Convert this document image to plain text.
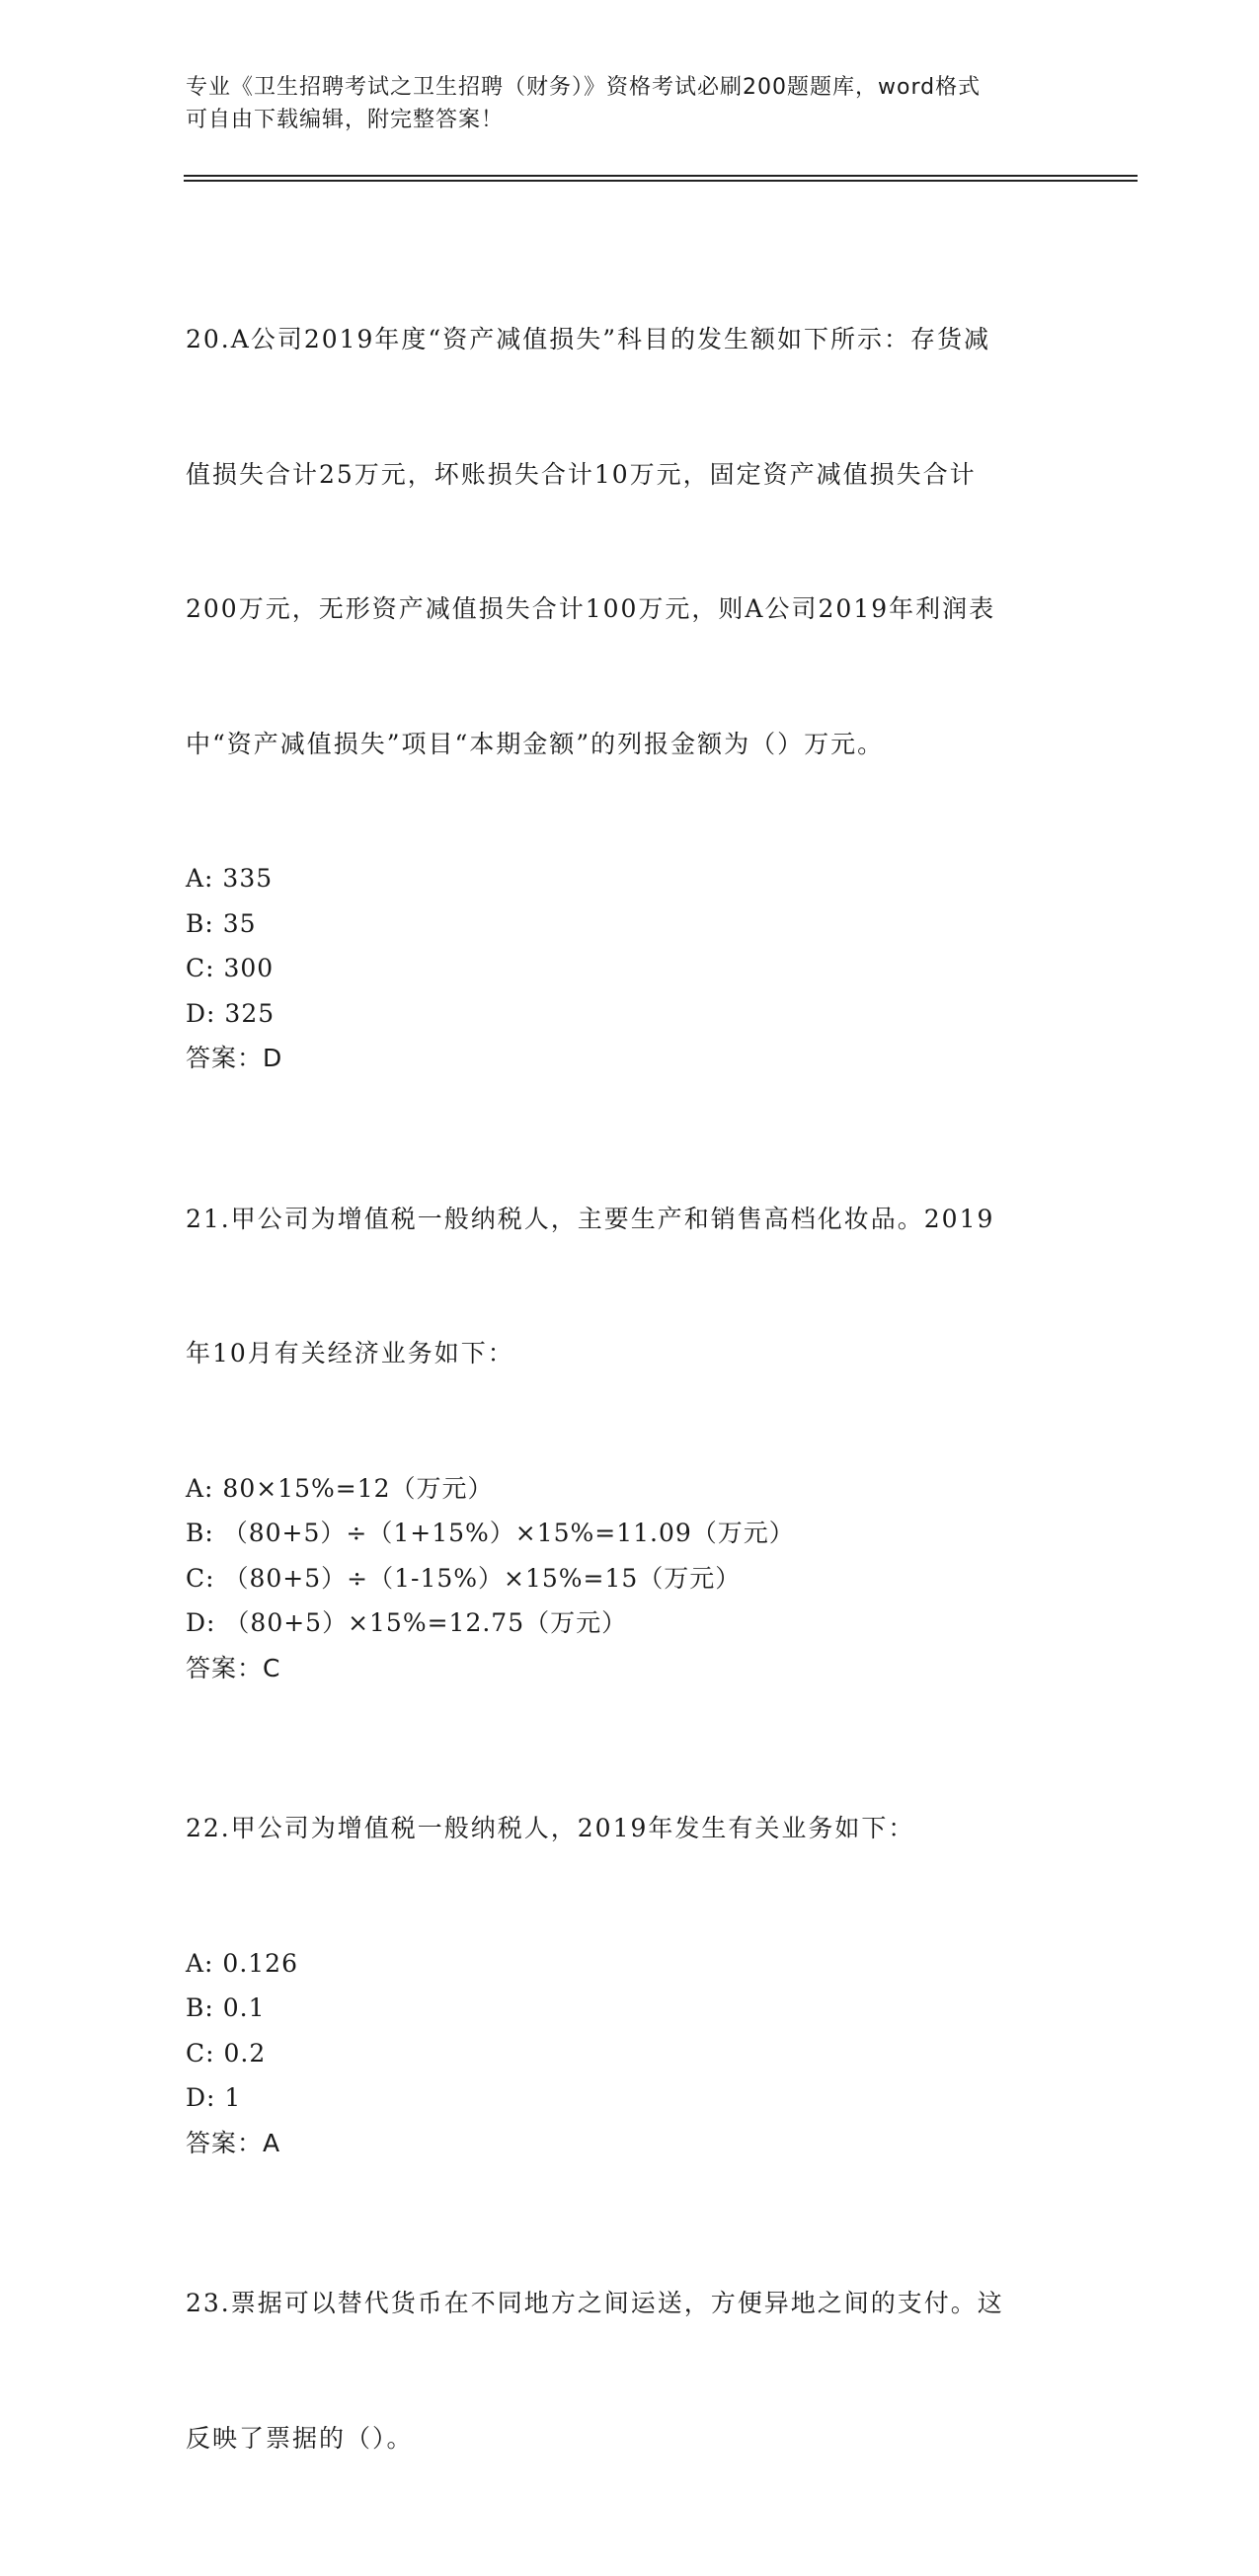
专业《卫生招聘考试之卫生招聘（财务）》资格考试必刷200题题库，word格式
可自由下载编辑，附完整答案！

20.A公司2019年度“资产减值损失”科目的发生额如下所示：存货减

值损失合计25万元，坏账损失合计10万元，固定资产减值损失合计

200万元，无形资产减值损失合计100万元，则A公司2019年利润表

中“资产减值损失”项目“本期金额”的列报金额为（）万元。

A: 335
B: 35
C: 300
D: 325
答案：D

21.甲公司为增值税一般纳税人，主要生产和销售高档化妆品。2019

年10月有关经济业务如下：

A: 80×15%=12（万元）
B: （80+5）÷（1+15%）×15%=11.09（万元）
C: （80+5）÷（1-15%）×15%=15（万元）
D: （80+5）×15%=12.75（万元）
答案：C

22.甲公司为增值税一般纳税人，2019年发生有关业务如下：

A: 0.126
B: 0.1
C: 0.2
D: 1
答案：A

23.票据可以替代货币在不同地方之间运送，方便异地之间的支付。这

反映了票据的（）。
